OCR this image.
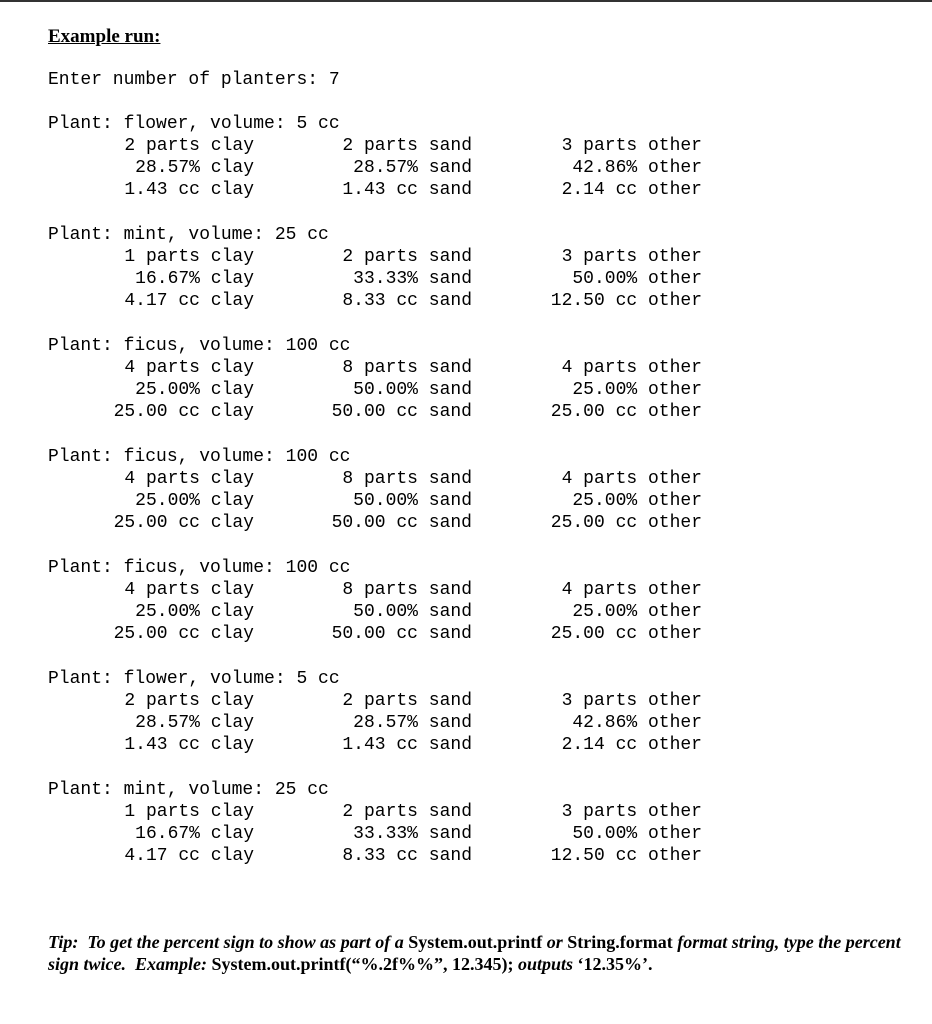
Example run:
Enter number of planters: 7
Plant: flower, volume: 5 cc
2 parts clay	2 parts sand	3 parts other
28.57% clay	28.57% sand	42.86% other
1.43 cc clay	1.43 cc sand	2.14 cc other
Plant: mint, volume: 25 cc
1 parts clay	2 parts sand	3 parts other
16.67% clay	33.33% sand	50.00% other
4.17 cc clay	8.33 cc sand	12.50 cc other
Plant: ficus, volume: 100 cc
4 parts clay	8 parts sand	4 parts other
25.00% clay	50.00% sand	25.00% other
25.00 cc clay	50.00 cc sand	25.00 cc other
Plant: ficus, volume: 100 cc
4 parts clay	8 parts sand	4 parts other
25.00% clay	50.00% sand	25.00% other
25.00 cc clay	50.00 cc sand	25.00 cc other
Plant: ficus, volume: 100 cc
4 parts clay	8 parts sand	4 parts other
25.00% clay	50.00% sand	25.00% other
25.00 cc clay	50.00 cc sand	25.00 cc other
Plant: flower, volume: 5 cc
2 parts clay	2 parts sand	3 parts other
28.57% clay	28.57% sand	42.86% other
1.43 cc clay	1.43 cc sand	2.14 cc other
Plant: mint, volume: 25 cc
1 parts clay	2 parts sand	3 parts other
16.67% clay	33.33% sand	50.00% other
4.17 cc clay	8.33 cc sand	12.50 cc other
Tip: To get the percent sign to show as part of a System.out.printf or String.format format string, type the percent sign twice. Example: System.out.printf(“%.2f%%”, 12.345); outputs ‘12.35%’.
